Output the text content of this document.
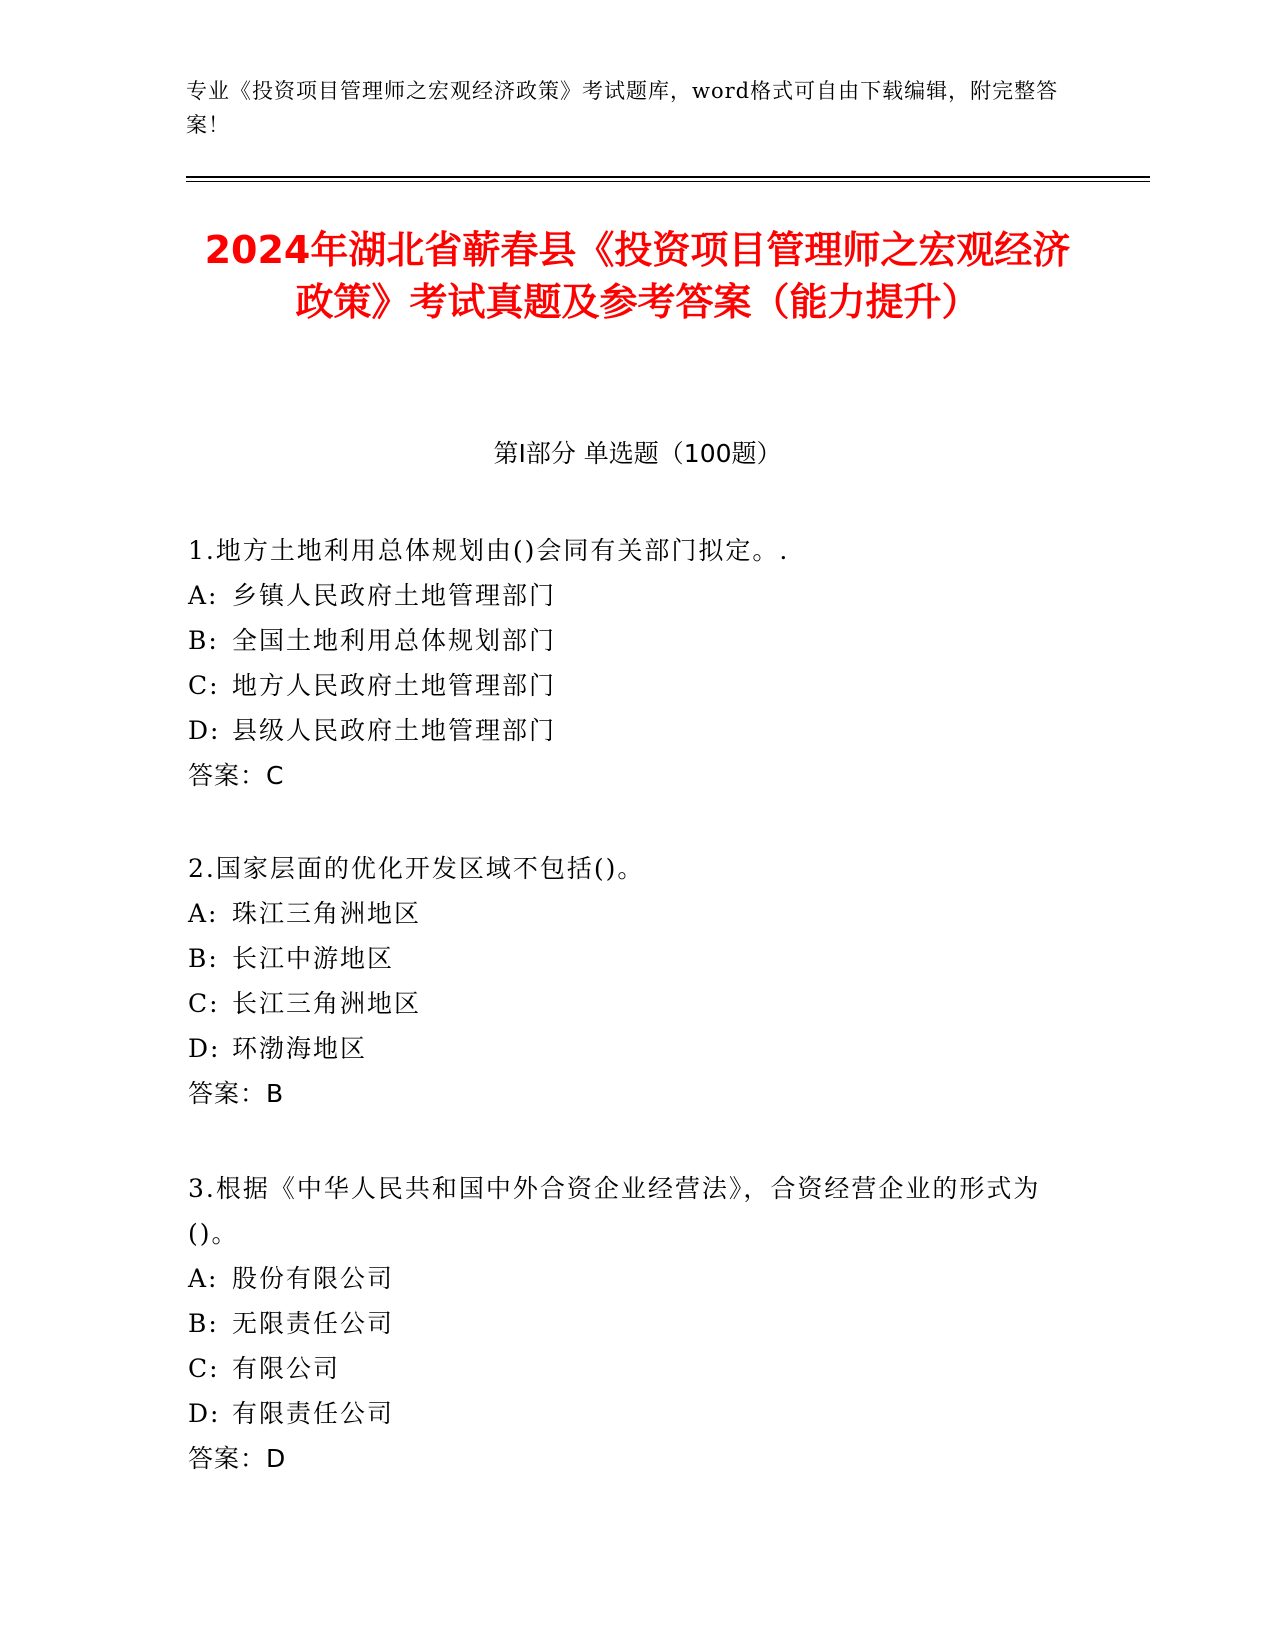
专业《投资项目管理师之宏观经济政策》考试题库，word格式可自由下载编辑，附完整答案！
2024年湖北省蕲春县《投资项目管理师之宏观经济政策》考试真题及参考答案（能力提升）
第Ⅰ部分 单选题（100题）
1.地方土地利用总体规划由()会同有关部门拟定。.
A: 乡镇人民政府土地管理部门
B: 全国土地利用总体规划部门
C: 地方人民政府土地管理部门
D: 县级人民政府土地管理部门
答案：C
2.国家层面的优化开发区域不包括()。
A: 珠江三角洲地区
B: 长江中游地区
C: 长江三角洲地区
D: 环渤海地区
答案：B
3.根据《中华人民共和国中外合资企业经营法》，合资经营企业的形式为()。
A: 股份有限公司
B: 无限责任公司
C: 有限公司
D: 有限责任公司
答案：D
